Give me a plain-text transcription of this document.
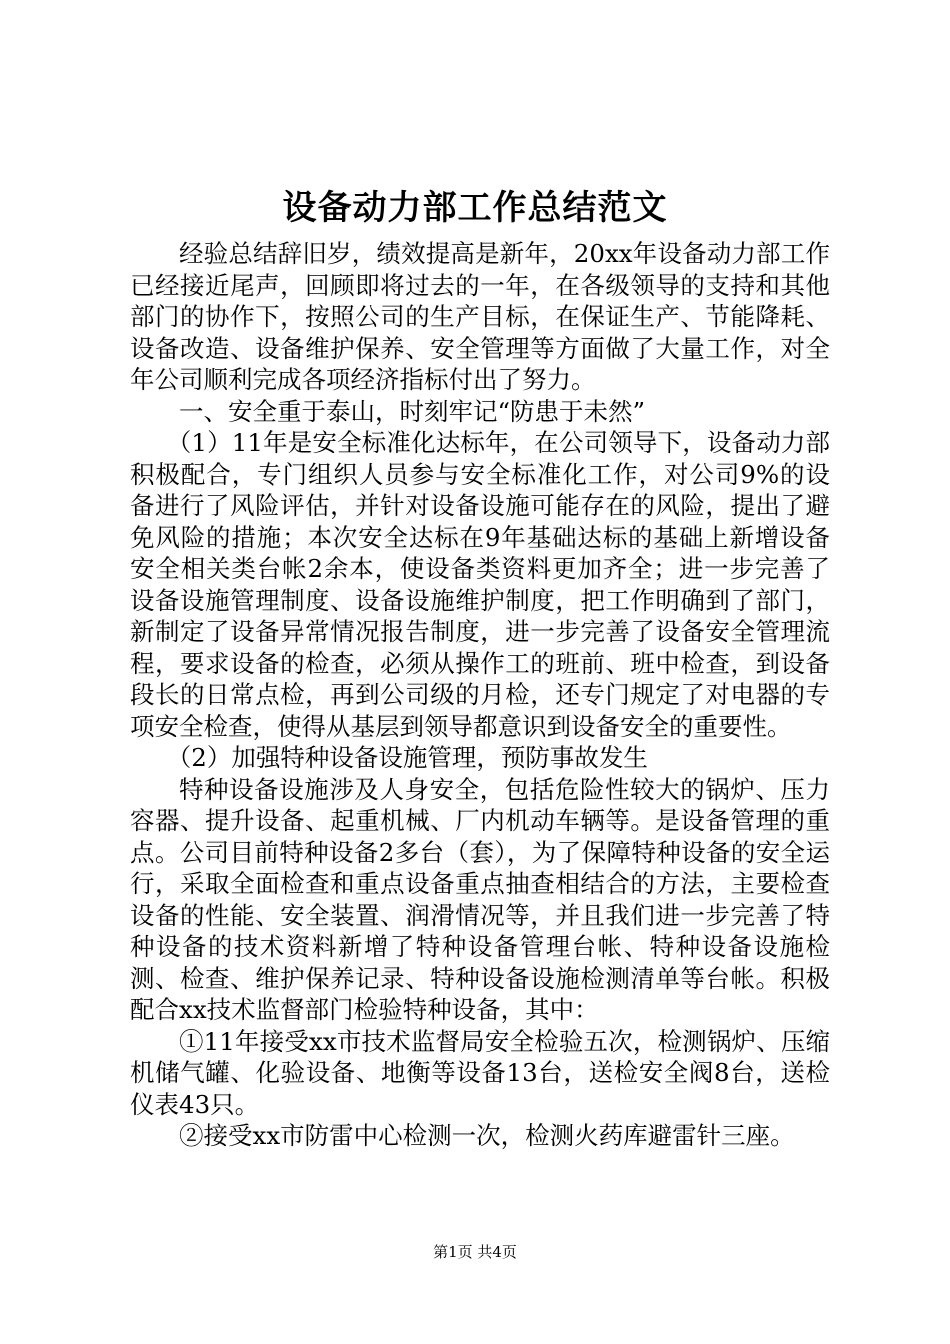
设备动力部工作总结范文

经验总结辞旧岁，绩效提高是新年，20xx年设备动力部工作已经接近尾声，回顾即将过去的一年，在各级领导的支持和其他部门的协作下，按照公司的生产目标，在保证生产、节能降耗、设备改造、设备维护保养、安全管理等方面做了大量工作，对全年公司顺利完成各项经济指标付出了努力。

一、安全重于泰山，时刻牢记“防患于未然”

（1）11年是安全标准化达标年，在公司领导下，设备动力部积极配合，专门组织人员参与安全标准化工作，对公司9%的设备进行了风险评估，并针对设备设施可能存在的风险，提出了避免风险的措施；本次安全达标在9年基础达标的基础上新增设备安全相关类台帐2余本，使设备类资料更加齐全；进一步完善了设备设施管理制度、设备设施维护制度，把工作明确到了部门，新制定了设备异常情况报告制度，进一步完善了设备安全管理流程，要求设备的检查，必须从操作工的班前、班中检查，到设备段长的日常点检，再到公司级的月检，还专门规定了对电器的专项安全检查，使得从基层到领导都意识到设备安全的重要性。

（2）加强特种设备设施管理，预防事故发生

特种设备设施涉及人身安全，包括危险性较大的锅炉、压力容器、提升设备、起重机械、厂内机动车辆等。是设备管理的重点。公司目前特种设备2多台（套），为了保障特种设备的安全运行，采取全面检查和重点设备重点抽查相结合的方法，主要检查设备的性能、安全装置、润滑情况等，并且我们进一步完善了特种设备的技术资料新增了特种设备管理台帐、特种设备设施检测、检查、维护保养记录、特种设备设施检测清单等台帐。积极配合xx技术监督部门检验特种设备，其中：

①11年接受xx市技术监督局安全检验五次，检测锅炉、压缩机储气罐、化验设备、地衡等设备13台，送检安全阀8台，送检仪表43只。

②接受xx市防雷中心检测一次，检测火药库避雷针三座。

第1页 共4页
